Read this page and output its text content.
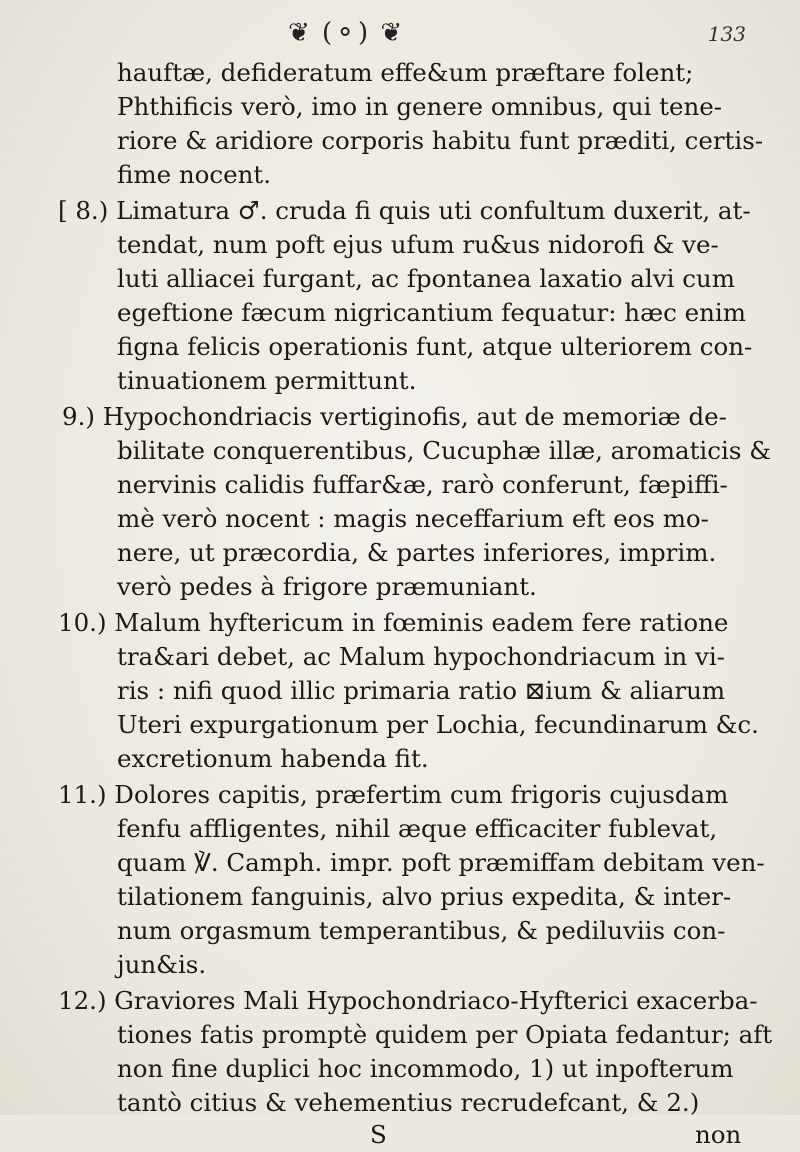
❦ (⚬) ❦	133
hauftæ, defideratum effe&um præftare folent;
Phthificis verò, imo in genere omnibus, qui tene-
riore & aridiore corporis habitu funt præditi, certis-
fime nocent.
[ 8.) Limatura ♂. cruda fi quis uti confultum duxerit, at-
tendat, num poft ejus ufum ru&us nidorofi & ve-
luti alliacei furgant, ac fpontanea laxatio alvi cum
egeftione fæcum nigricantium fequatur: hæc enim
figna felicis operationis funt, atque ulteriorem con-
tinuationem permittunt.
9.) Hypochondriacis vertiginofis, aut de memoriæ de-
bilitate conquerentibus, Cucuphæ illæ, aromaticis &
nervinis calidis fuffar&æ, rarò conferunt, fæpiffi-
mè verò nocent : magis neceffarium eft eos mo-
nere, ut præcordia, & partes inferiores, imprim.
verò pedes à frigore præmuniant.
10.) Malum hyftericum in fœminis eadem fere ratione
tra&ari debet, ac Malum hypochondriacum in vi-
ris : nifi quod illic primaria ratio ⊠ium & aliarum
Uteri expurgationum per Lochia, fecundinarum &c.
excretionum habenda fit.
11.) Dolores capitis, præfertim cum frigoris cujusdam
fenfu affligentes, nihil æque efficaciter fublevat,
quam ℣. Camph. impr. poft præmiffam debitam ven-
tilationem fanguinis, alvo prius expedita, & inter-
num orgasmum temperantibus, & pediluviis con-
jun&is.
12.) Graviores Mali Hypochondriaco-Hyfterici exacerba-
tiones fatis promptè quidem per Opiata fedantur; aft
non fine duplici hoc incommodo, 1) ut inpofterum
tantò citius & vehementius recrudefcant, & 2.)
S	non
